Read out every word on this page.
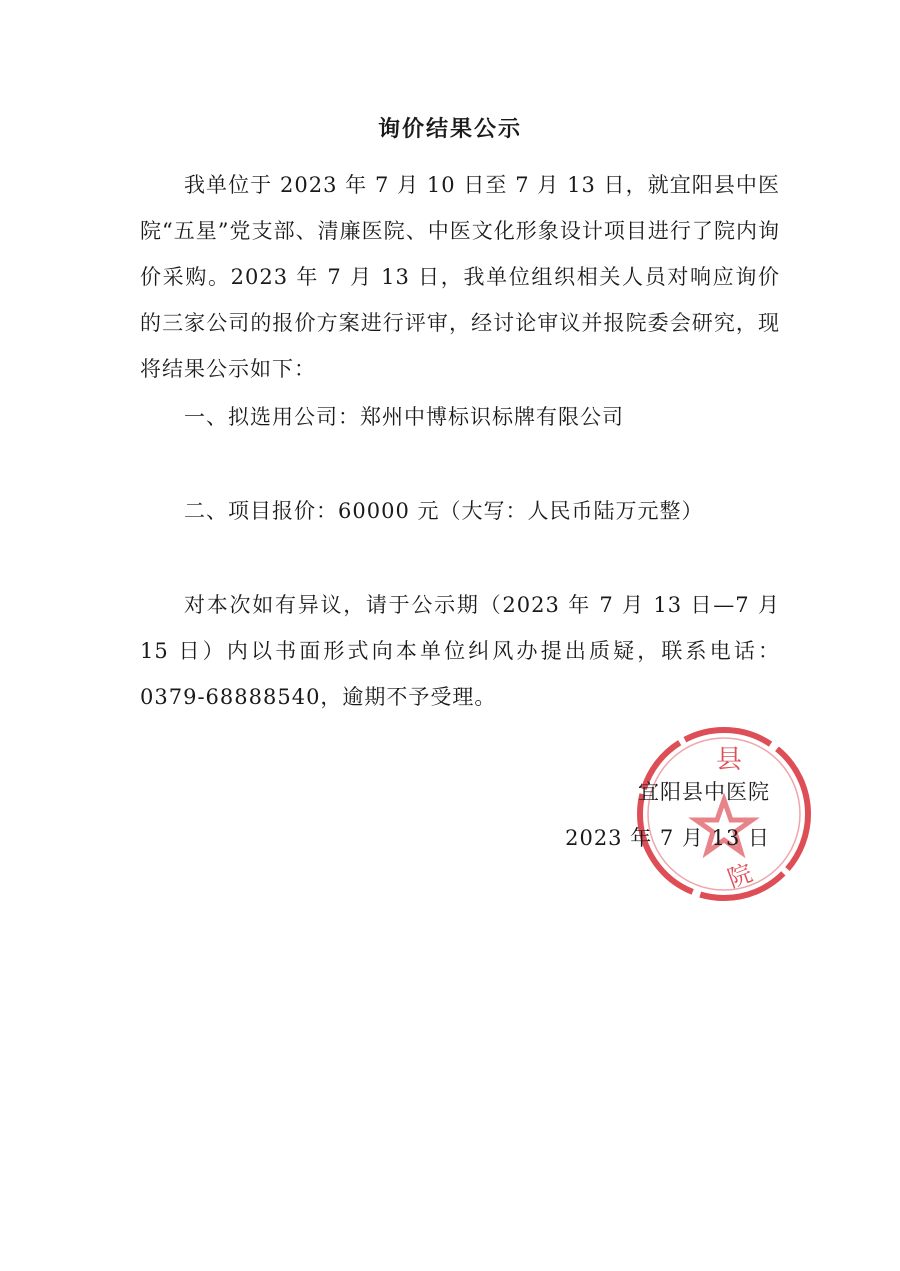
询价结果公示

我单位于 2023 年 7 月 10 日至 7 月 13 日，就宜阳县中医院“五星”党支部、清廉医院、中医文化形象设计项目进行了院内询价采购。2023 年 7 月 13 日，我单位组织相关人员对响应询价的三家公司的报价方案进行评审，经讨论审议并报院委会研究，现将结果公示如下：

一、拟选用公司：郑州中博标识标牌有限公司

二、项目报价：60000 元（大写：人民币陆万元整）

对本次如有异议，请于公示期（2023 年 7 月 13 日—7 月 15 日）内以书面形式向本单位纠风办提出质疑，联系电话：0379-68888540，逾期不予受理。

县
院
宜阳县中医院
2023 年 7 月 13 日
